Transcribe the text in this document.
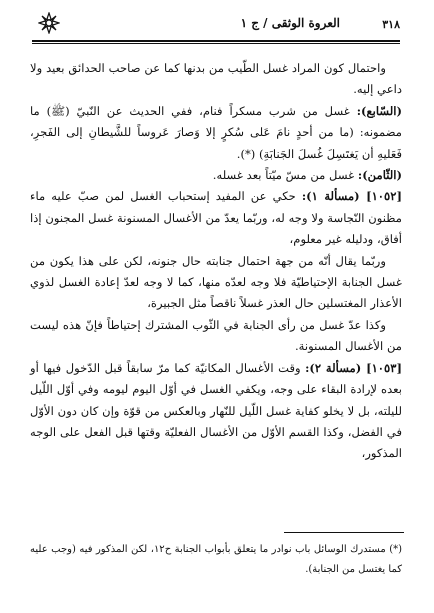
٣١٨
العروة الوثقى / ج ١

واحتمال كون المراد غسل الطّيب من بدنها كما عن صاحب الحدائق بعيد ولا داعي إليه.

(السّابع): غسل من شرب مسكراً فنام، ففي الحديث عن النّبيّ (ﷺ) ما مضمونه: (ما من أحدٍ نامَ عَلى سُكرٍ إلا وَصارَ عَروساً للشَّيطانِ إلى الفَجرِ، فَعَليهِ أن يَغتَسِلَ غُسلَ الجَنابَةِ) (*).

(الثّامن): غسل من مسّ ميّتاً بعد غسله.

[١٠٥٢] (مسألة ١): حكي عن المفيد إستحباب الغسل لمن صبّ عليه ماء مظنون النّجاسة ولا وجه له، وربّما يعدّ من الأغسال المسنونة غسل المجنون إذا أفاق، ودليله غير معلوم،

وربّما يقال أنّه من جهة احتمال جنابته حال جنونه، لكن على هذا يكون من غسل الجنابة الإحتياطيّة فلا وجه لعدّه منها، كما لا وجه لعدّ إعادة الغسل لذوي الأعذار المغتسلين حال العذر غسلاً ناقصاً مثل الجبيرة،

وكذا عدّ غسل من رأى الجنابة في الثّوب المشترك إحتياطاً فإنّ هذه ليست من الأغسال المسنونة.

[١٠٥٣] (مسألة ٢): وقت الأغسال المكانيّة كما مرّ سابقاً قبل الدّخول فيها أو بعده لإرادة البقاء على وجه، ويكفي الغسل في أوّل اليوم ليومه وفي أوّل اللّيل لليلته، بل لا يخلو كفاية غسل اللّيل للنّهار وبالعكس من قوّة وإن كان دون الأوّل في الفضل، وكذا القسم الأوّل من الأغسال الفعليّة وقتها قبل الفعل على الوجه المذكور،

(*) مستدرك الوسائل باب نوادر ما يتعلق بأبواب الجنابة ح١٢، لكن المذكور فيه (وجب عليه كما يغتسل من الجنابة).
